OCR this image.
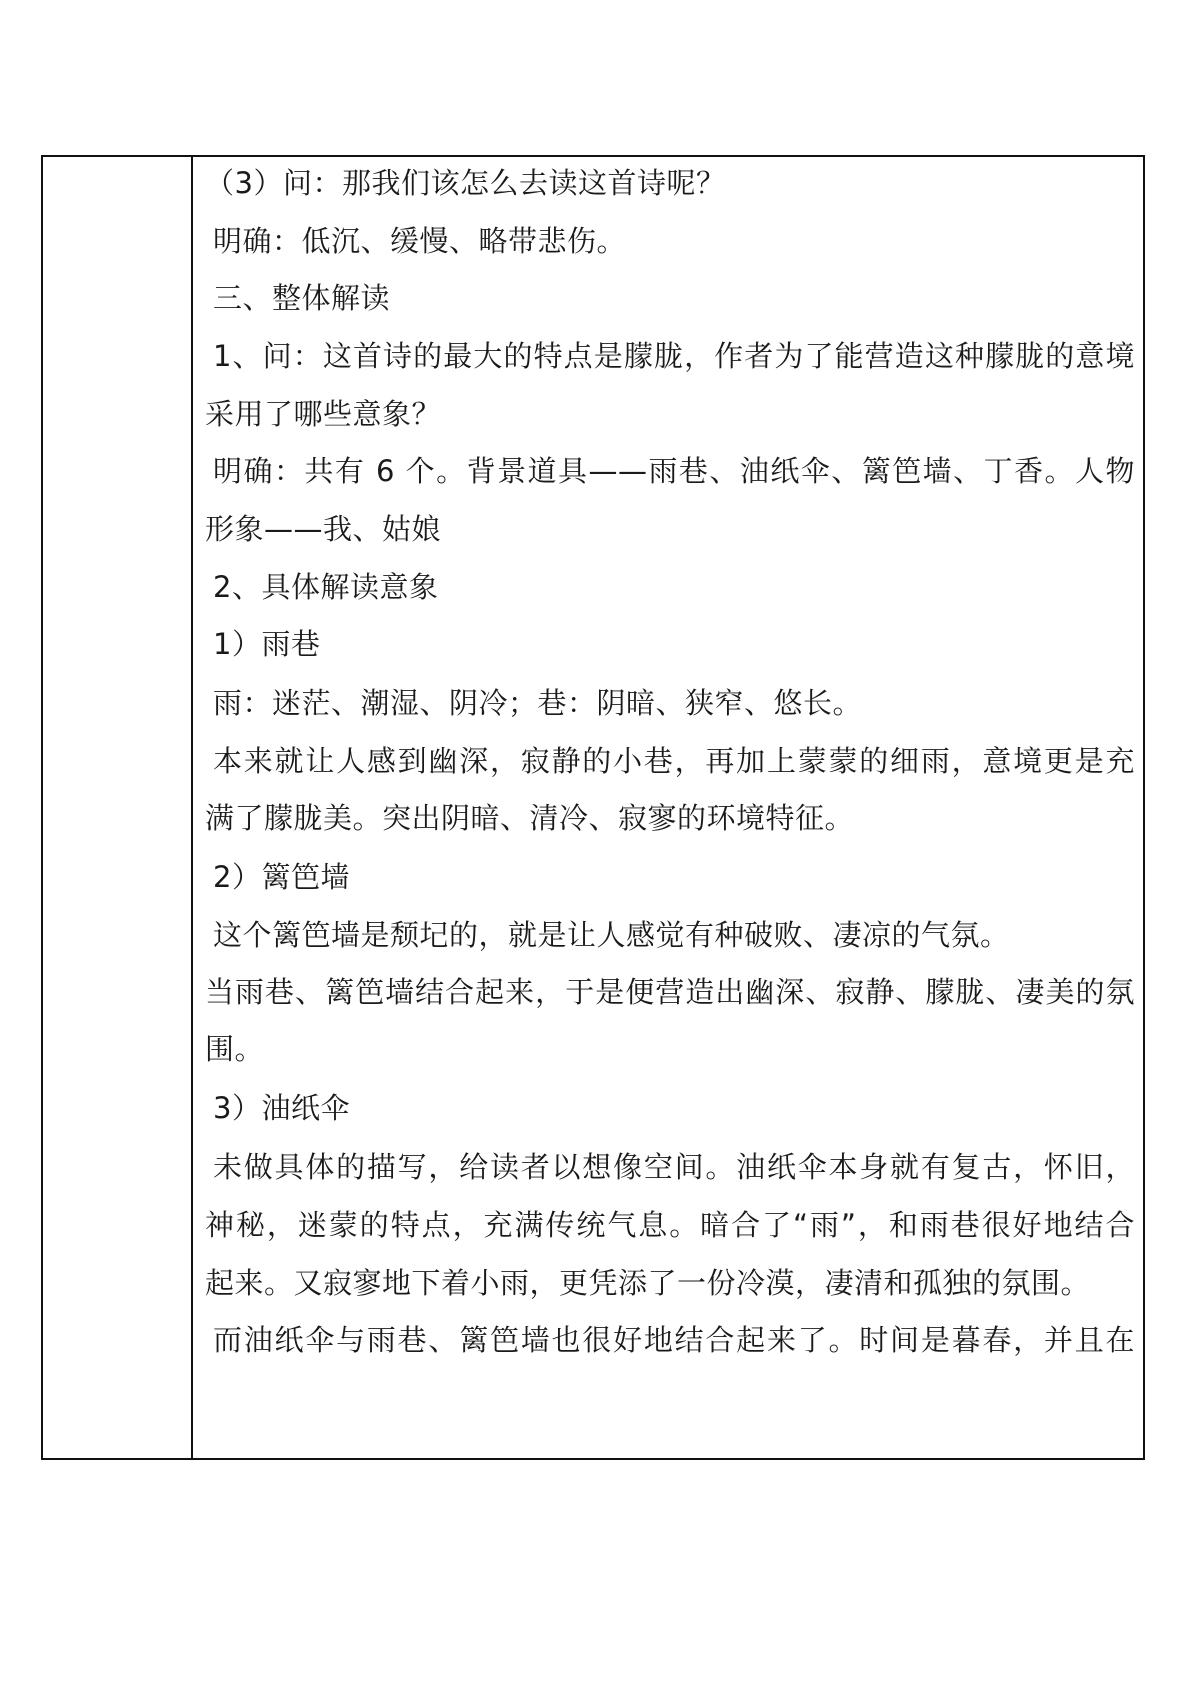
（3）问：那我们该怎么去读这首诗呢？
明确：低沉、缓慢、略带悲伤。
三、整体解读
1、问：这首诗的最大的特点是朦胧，作者为了能营造这种朦胧的意境
采用了哪些意象？
明确：共有 6 个。背景道具——雨巷、油纸伞、篱笆墙、丁香。人物
形象——我、姑娘
2、具体解读意象
1）雨巷
雨：迷茫、潮湿、阴冷；巷：阴暗、狭窄、悠长。
本来就让人感到幽深，寂静的小巷，再加上蒙蒙的细雨，意境更是充
满了朦胧美。突出阴暗、清冷、寂寥的环境特征。
2）篱笆墙
这个篱笆墙是颓圮的，就是让人感觉有种破败、凄凉的气氛。
当雨巷、篱笆墙结合起来，于是便营造出幽深、寂静、朦胧、凄美的氛
围。
3）油纸伞
未做具体的描写，给读者以想像空间。油纸伞本身就有复古，怀旧，
神秘，迷蒙的特点，充满传统气息。暗合了“雨”，和雨巷很好地结合
起来。又寂寥地下着小雨，更凭添了一份冷漠，凄清和孤独的氛围。
而油纸伞与雨巷、篱笆墙也很好地结合起来了。时间是暮春，并且在
